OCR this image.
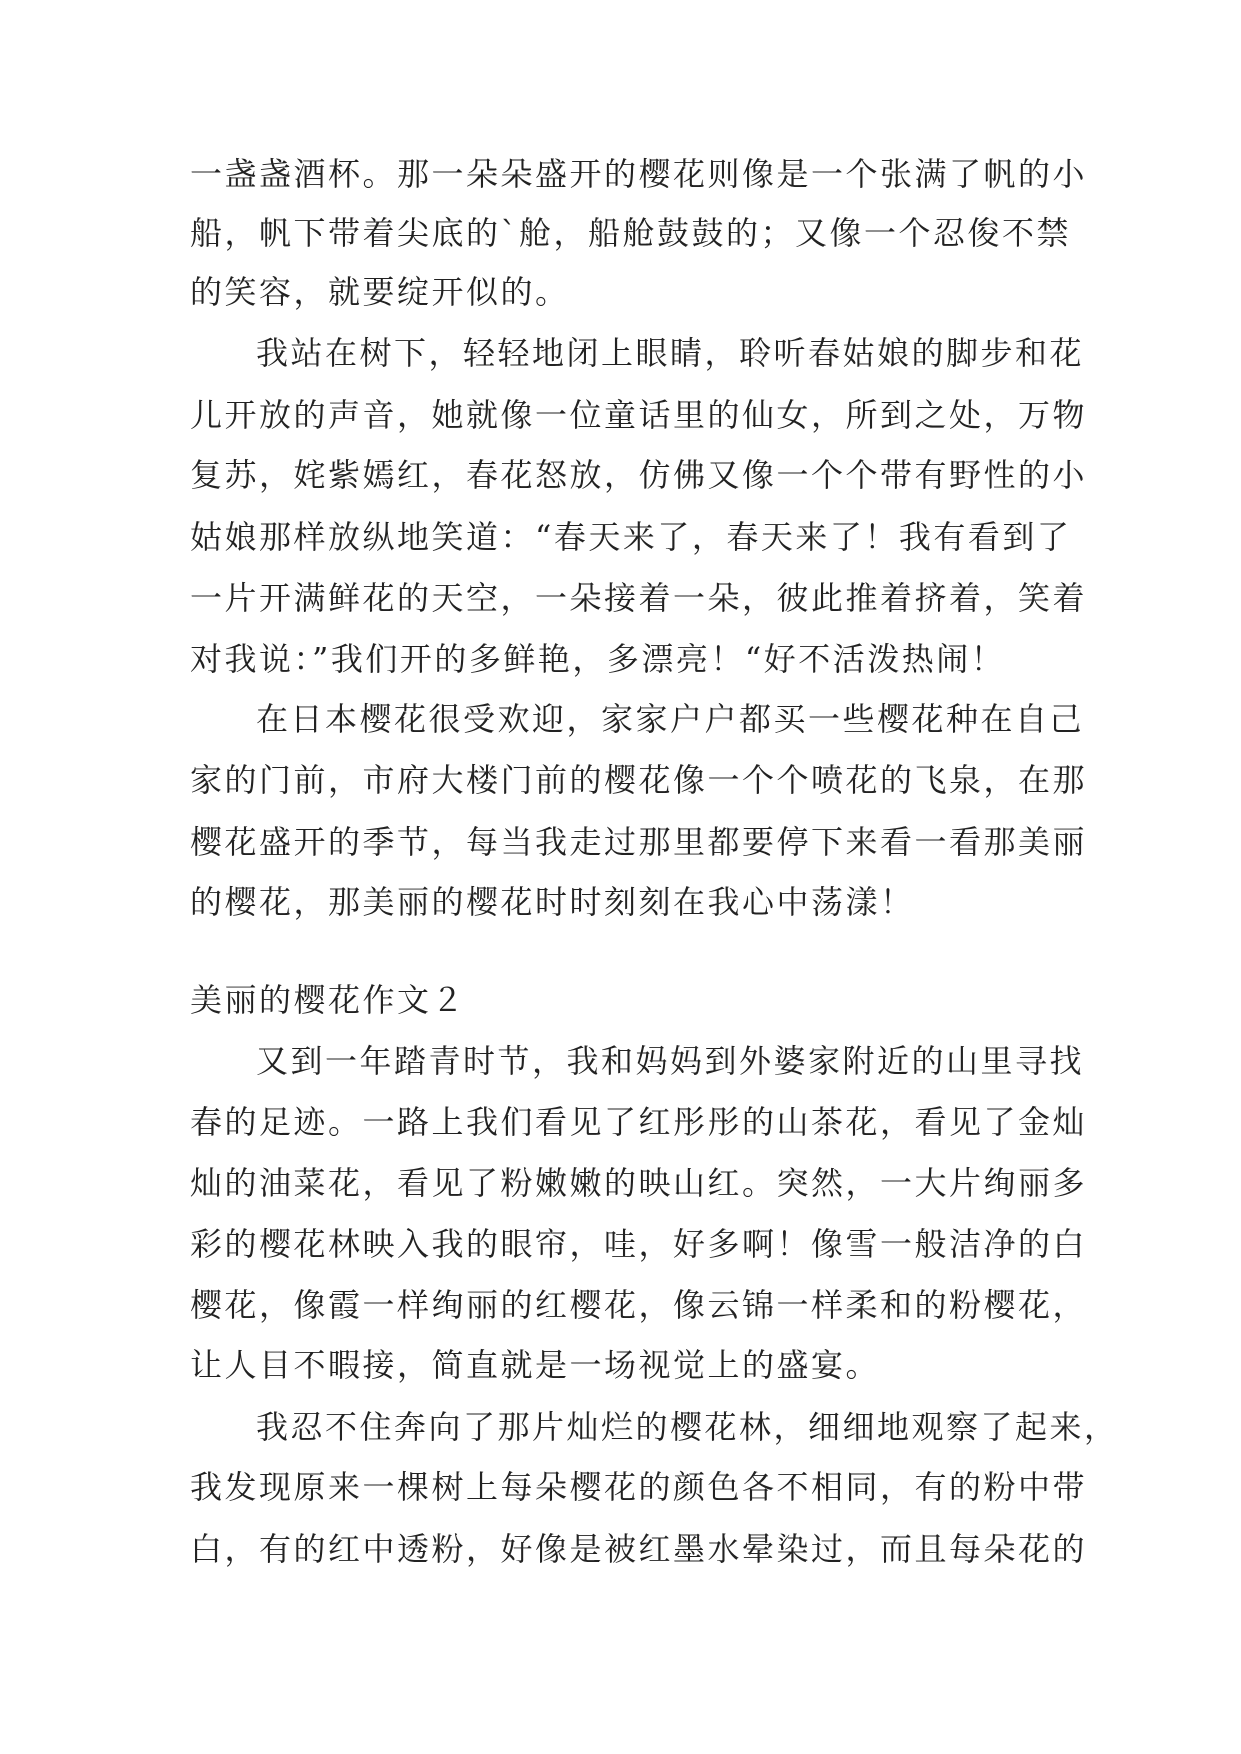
一盏盏酒杯。那一朵朵盛开的樱花则像是一个张满了帆的小
船，帆下带着尖底的`舱，船舱鼓鼓的；又像一个忍俊不禁
的笑容，就要绽开似的。
我站在树下，轻轻地闭上眼睛，聆听春姑娘的脚步和花
儿开放的声音，她就像一位童话里的仙女，所到之处，万物
复苏，姹紫嫣红，春花怒放，仿佛又像一个个带有野性的小
姑娘那样放纵地笑道：“春天来了，春天来了！我有看到了
一片开满鲜花的天空，一朵接着一朵，彼此推着挤着，笑着
对我说：”我们开的多鲜艳，多漂亮！“好不活泼热闹！
在日本樱花很受欢迎，家家户户都买一些樱花种在自己
家的门前，市府大楼门前的樱花像一个个喷花的飞泉，在那
樱花盛开的季节，每当我走过那里都要停下来看一看那美丽
的樱花，那美丽的樱花时时刻刻在我心中荡漾！
美丽的樱花作文２
又到一年踏青时节，我和妈妈到外婆家附近的山里寻找
春的足迹。一路上我们看见了红彤彤的山茶花，看见了金灿
灿的油菜花，看见了粉嫩嫩的映山红。突然，一大片绚丽多
彩的樱花林映入我的眼帘，哇，好多啊！像雪一般洁净的白
樱花，像霞一样绚丽的红樱花，像云锦一样柔和的粉樱花，
让人目不暇接，简直就是一场视觉上的盛宴。
我忍不住奔向了那片灿烂的樱花林，细细地观察了起来，
我发现原来一棵树上每朵樱花的颜色各不相同，有的粉中带
白，有的红中透粉，好像是被红墨水晕染过，而且每朵花的
